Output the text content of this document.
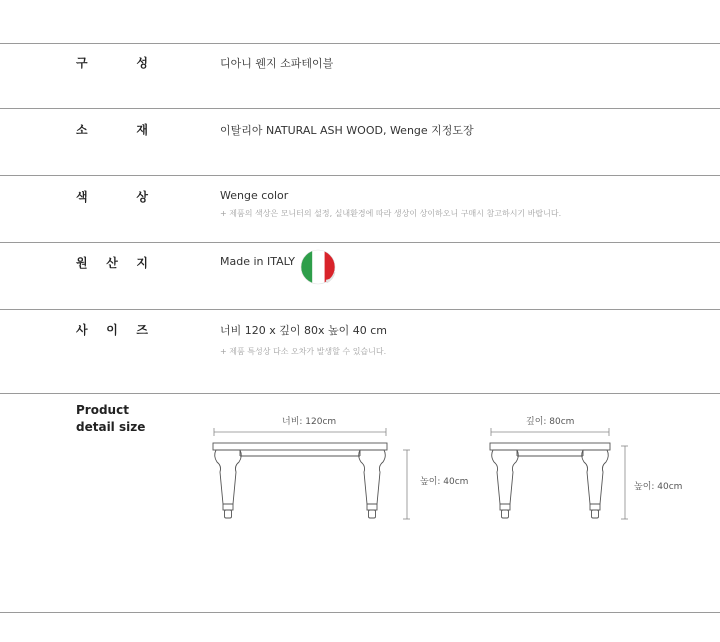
구	성	디아니 웬지 소파테이블
소	재	이탈리아 NATURAL ASH WOOD, Wenge 지정도장
색	상	Wenge color
+ 제품의 색상은 모니터의 설정, 실내환경에 따라 생상이 상이하오니 구매시 참고하시기 바랍니다.
원 산 지	Made in ITALY
사 이 즈	너비 120 x 깊이 80x 높이 40 cm
+ 제품 특성상 다소 오차가 발생할 수 있습니다.
Product
detail size	너비: 120cm
높이: 40cm
깊이: 80cm
높이: 40cm
